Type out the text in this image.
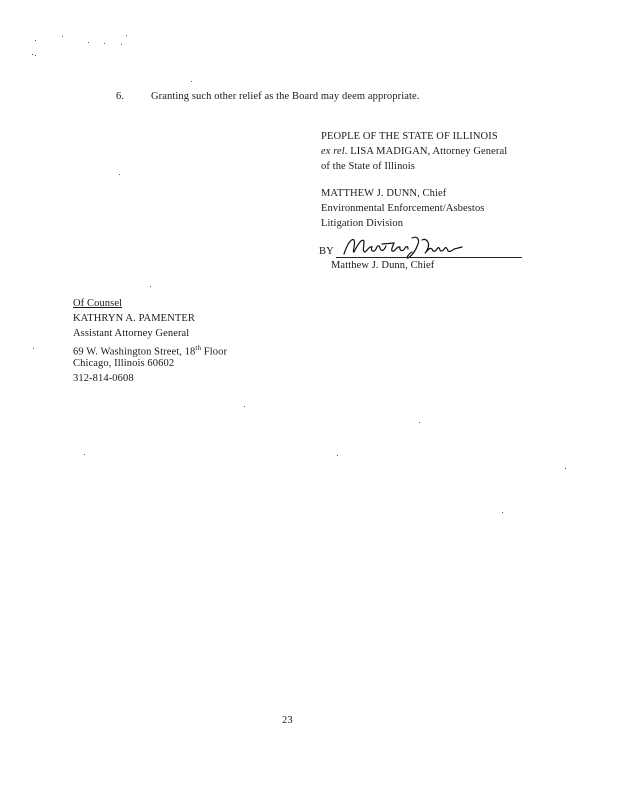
6.	Granting such other relief as the Board may deem appropriate.
PEOPLE OF THE STATE OF ILLINOIS
ex rel. LISA MADIGAN, Attorney General
of the State of Illinois
MATTHEW J. DUNN, Chief
Environmental Enforcement/Asbestos
Litigation Division
BY
Matthew J. Dunn, Chief
Of Counsel
KATHRYN A. PAMENTER
Assistant Attorney General
69 W. Washington Street, 18th Floor
Chicago, Illinois 60602
312-814-0608
23
